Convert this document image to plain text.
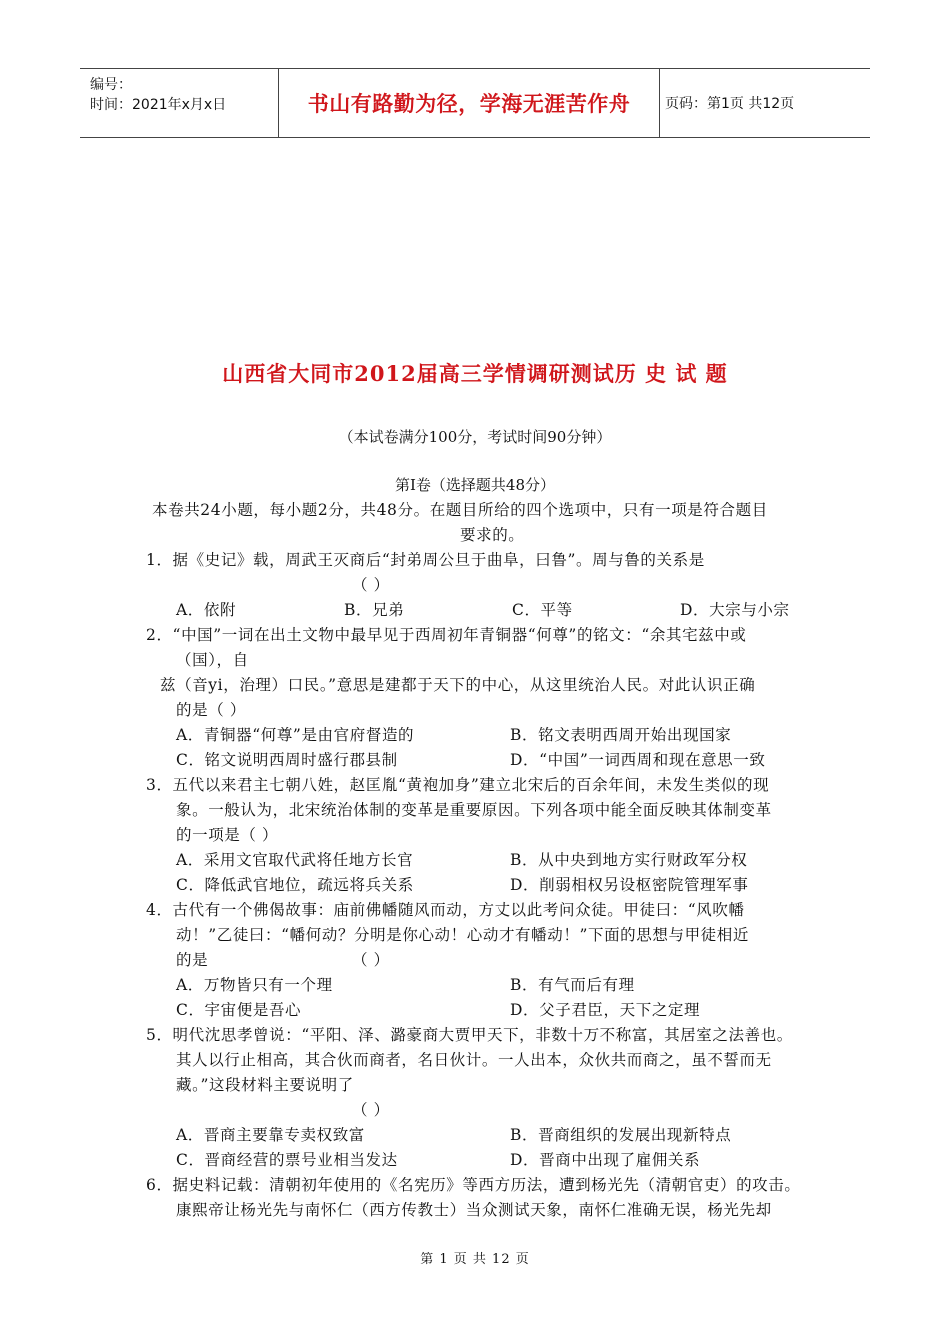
编号：
时间：2021年x月x日	书山有路勤为径，学海无涯苦作舟	页码：第1页 共12页
山西省大同市2012届高三学情调研测试历 史 试 题
（本试卷满分100分，考试时间90分钟）
第Ⅰ卷（选择题共48分）
本卷共24小题，每小题2分，共48分。在题目所给的四个选项中，只有一项是符合题目
要求的。
1．据《史记》载，周武王灭商后“封弟周公旦于曲阜，曰鲁”。周与鲁的关系是
（ ）
A．依附	B．兄弟	C．平等	D．大宗与小宗
2．“中国”一词在出土文物中最早见于西周初年青铜器“何尊”的铭文：“余其宅兹中或
（国），自
兹（音yi，治理）口民。”意思是建都于天下的中心，从这里统治人民。对此认识正确
的是（ ）
A．青铜器“何尊”是由官府督造的	B．铭文表明西周开始出现国家
C．铭文说明西周时盛行郡县制	D．“中国”一词西周和现在意思一致
3．五代以来君主七朝八姓，赵匡胤“黄袍加身”建立北宋后的百余年间，未发生类似的现
象。一般认为，北宋统治体制的变革是重要原因。下列各项中能全面反映其体制变革
的一项是（ ）
A．采用文官取代武将任地方长官	B．从中央到地方实行财政军分权
C．降低武官地位，疏远将兵关系	D．削弱相权另设枢密院管理军事
4．古代有一个佛偈故事：庙前佛幡随风而动，方丈以此考问众徒。甲徒曰：“风吹幡
动！”乙徒曰：“幡何动？分明是你心动！心动才有幡动！”下面的思想与甲徒相近
的是	（ ）
A．万物皆只有一个理	B．有气而后有理
C．宇宙便是吾心	D．父子君臣，天下之定理
5．明代沈思孝曾说：“平阳、泽、潞豪商大贾甲天下，非数十万不称富，其居室之法善也。
其人以行止相高，其合伙而商者，名日伙计。一人出本，众伙共而商之，虽不誓而无
藏。”这段材料主要说明了
（ ）
A．晋商主要靠专卖权致富	B．晋商组织的发展出现新特点
C．晋商经营的票号业相当发达	D．晋商中出现了雇佣关系
6．据史料记载：清朝初年使用的《名宪历》等西方历法，遭到杨光先（清朝官吏）的攻击。
康熙帝让杨光先与南怀仁（西方传教士）当众测试天象，南怀仁准确无误，杨光先却
第 1 页 共 12 页
